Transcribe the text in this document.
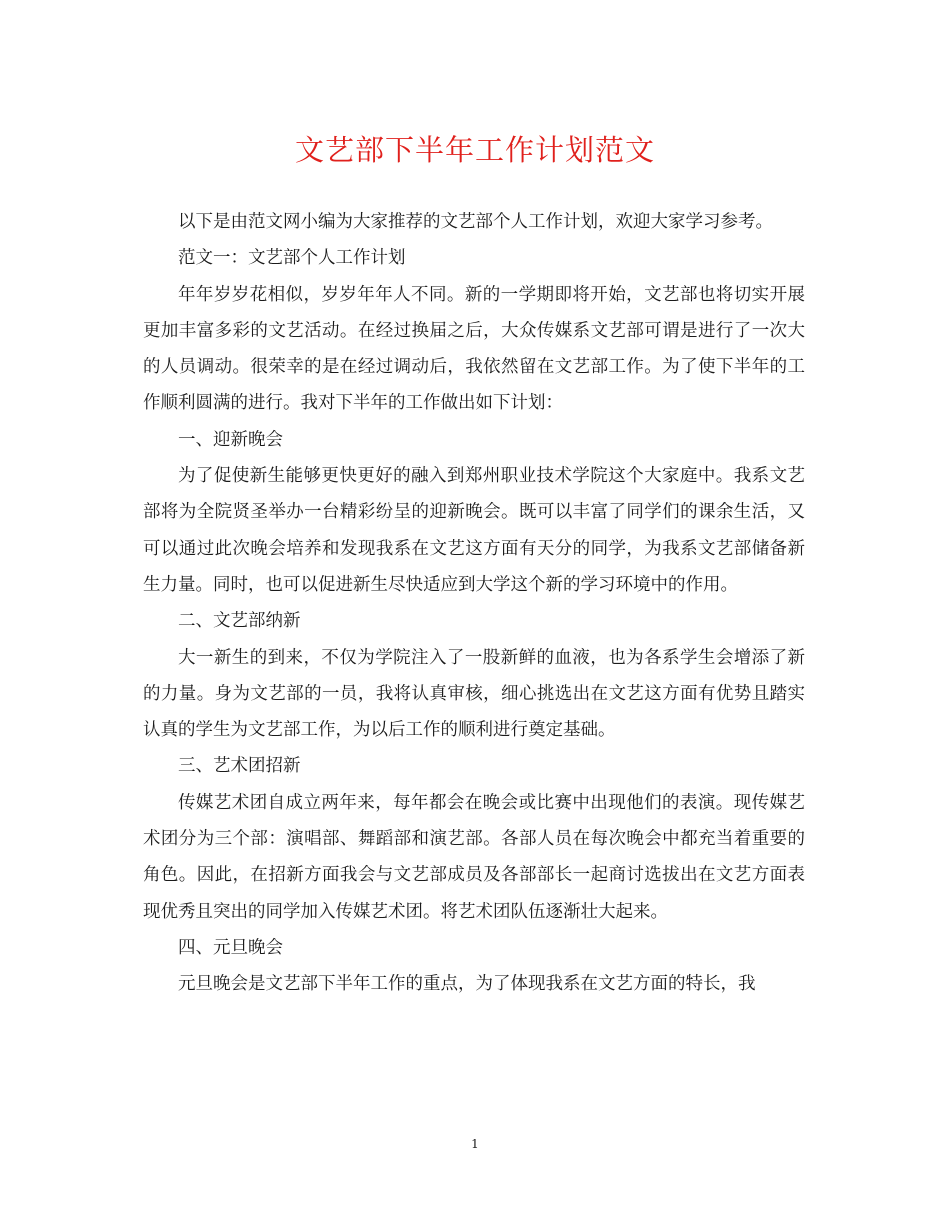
文艺部下半年工作计划范文

以下是由范文网小编为大家推荐的文艺部个人工作计划，欢迎大家学习参考。

范文一：文艺部个人工作计划

年年岁岁花相似，岁岁年年人不同。新的一学期即将开始，文艺部也将切实开展更加丰富多彩的文艺活动。在经过换届之后，大众传媒系文艺部可谓是进行了一次大的人员调动。很荣幸的是在经过调动后，我依然留在文艺部工作。为了使下半年的工作顺利圆满的进行。我对下半年的工作做出如下计划：

一、迎新晚会

为了促使新生能够更快更好的融入到郑州职业技术学院这个大家庭中。我系文艺部将为全院贤圣举办一台精彩纷呈的迎新晚会。既可以丰富了同学们的课余生活，又可以通过此次晚会培养和发现我系在文艺这方面有天分的同学，为我系文艺部储备新生力量。同时，也可以促进新生尽快适应到大学这个新的学习环境中的作用。

二、文艺部纳新

大一新生的到来，不仅为学院注入了一股新鲜的血液，也为各系学生会增添了新的力量。身为文艺部的一员，我将认真审核，细心挑选出在文艺这方面有优势且踏实认真的学生为文艺部工作，为以后工作的顺利进行奠定基础。

三、艺术团招新

传媒艺术团自成立两年来，每年都会在晚会或比赛中出现他们的表演。现传媒艺术团分为三个部：演唱部、舞蹈部和演艺部。各部人员在每次晚会中都充当着重要的角色。因此，在招新方面我会与文艺部成员及各部部长一起商讨选拔出在文艺方面表现优秀且突出的同学加入传媒艺术团。将艺术团队伍逐渐壮大起来。

四、元旦晚会

元旦晚会是文艺部下半年工作的重点，为了体现我系在文艺方面的特长，我

1
